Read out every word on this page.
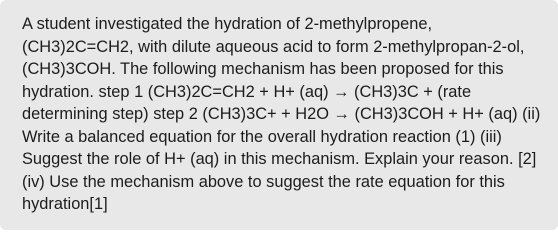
A student investigated the hydration of 2-methylpropene, (CH3)2C=CH2, with dilute aqueous acid to form 2-methylpropan-2-ol, (CH3)3COH. The following mechanism has been proposed for this hydration. step 1 (CH3)2C=CH2 + H+ (aq) → (CH3)3C + (rate determining step) step 2 (CH3)3C+ + H2O → (CH3)3COH + H+ (aq) (ii) Write a balanced equation for the overall hydration reaction (1) (iii) Suggest the role of H+ (aq) in this mechanism. Explain your reason. [2] (iv) Use the mechanism above to suggest the rate equation for this hydration[1]
